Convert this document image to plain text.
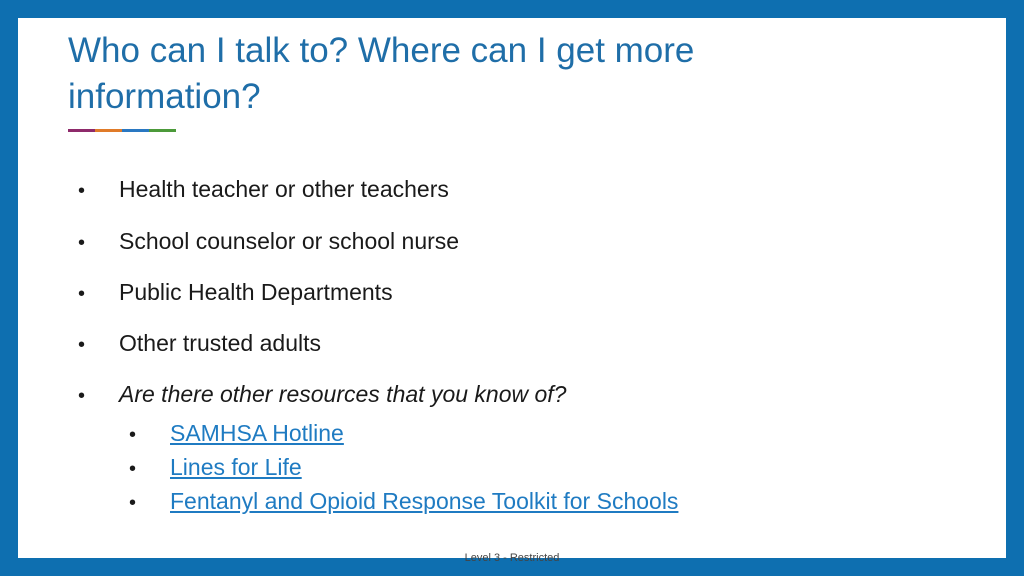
Who can I talk to? Where can I get more information?
•	Health teacher or other teachers
•	School counselor or school nurse
•	Public Health Departments
•	Other trusted adults
•	Are there other resources that you know of?
•	SAMHSA Hotline
•	Lines for Life
•	Fentanyl and Opioid Response Toolkit for Schools
Level 3 - Restricted
